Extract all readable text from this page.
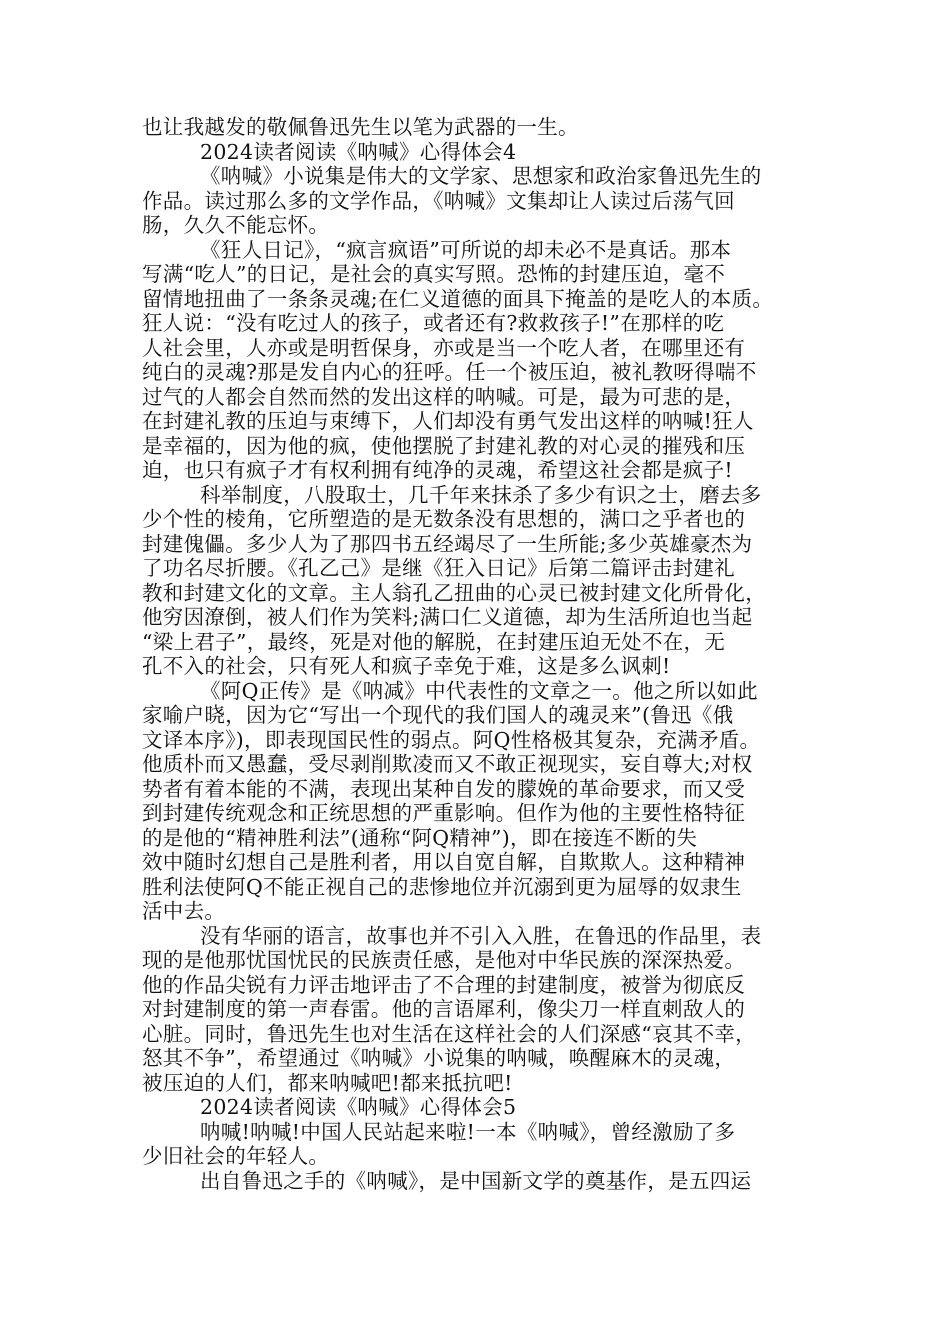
也让我越发的敬佩鲁迅先生以笔为武器的一生。
2024读者阅读《呐喊》心得体会4
《呐喊》小说集是伟大的文学家、思想家和政治家鲁迅先生的
作品。读过那么多的文学作品，《呐喊》文集却让人读过后荡气回
肠，久久不能忘怀。
《狂人日记》，“疯言疯语”可所说的却未必不是真话。那本
写满“吃人”的日记，是社会的真实写照。恐怖的封建压迫，毫不
留情地扭曲了一条条灵魂;在仁义道德的面具下掩盖的是吃人的本质。
狂人说：“没有吃过人的孩子，或者还有?救救孩子!”在那样的吃
人社会里，人亦或是明哲保身，亦或是当一个吃人者，在哪里还有
纯白的灵魂?那是发自内心的狂呼。任一个被压迫，被礼教呀得喘不
过气的人都会自然而然的发出这样的呐喊。可是，最为可悲的是，
在封建礼教的压迫与束缚下，人们却没有勇气发出这样的呐喊!狂人
是幸福的，因为他的疯，使他摆脱了封建礼教的对心灵的摧残和压
迫，也只有疯子才有权利拥有纯净的灵魂，希望这社会都是疯子!
科举制度，八股取士，几千年来抹杀了多少有识之士，磨去多
少个性的棱角，它所塑造的是无数条没有思想的，满口之乎者也的
封建傀儡。多少人为了那四书五经竭尽了一生所能;多少英雄豪杰为
了功名尽折腰。《孔乙己》是继《狂入日记》后第二篇评击封建礼
教和封建文化的文章。主人翁孔乙扭曲的心灵已被封建文化所骨化，
他穷因潦倒，被人们作为笑料;满口仁义道德，却为生活所迫也当起
“梁上君子”，最终，死是对他的解脱，在封建压迫无处不在，无
孔不入的社会，只有死人和疯子幸免于难，这是多么讽刺!
《阿Q正传》是《呐减》中代表性的文章之一。他之所以如此
家喻户晓，因为它“写出一个现代的我们国人的魂灵来”(鲁迅《俄
文译本序》)，即表现国民性的弱点。阿Q性格极其复杂，充满矛盾。
他质朴而又愚蠢，受尽剥削欺凌而又不敢正视现实，妄自尊大;对权
势者有着本能的不满，表现出某种自发的朦娩的革命要求，而又受
到封建传统观念和正统思想的严重影响。但作为他的主要性格特征
的是他的“精神胜利法”(通称“阿Q精神”)，即在接连不断的失
效中随时幻想自己是胜利者，用以自宽自解，自欺欺人。这种精神
胜利法使阿Q不能正视自己的悲惨地位并沉溺到更为屈辱的奴隶生
活中去。
没有华丽的语言，故事也并不引入入胜，在鲁迅的作品里，表
现的是他那忧国忧民的民族责任感，是他对中华民族的深深热爱。
他的作品尖锐有力评击地评击了不合理的封建制度，被誉为彻底反
对封建制度的第一声春雷。他的言语犀利，像尖刀一样直刺敌人的
心脏。同时，鲁迅先生也对生活在这样社会的人们深感“哀其不幸，
怒其不争”，希望通过《呐喊》小说集的呐喊，唤醒麻木的灵魂，
被压迫的人们，都来呐喊吧!都来抵抗吧!
2024读者阅读《呐喊》心得体会5
呐喊!呐喊!中国人民站起来啦!一本《呐喊》，曾经激励了多
少旧社会的年轻人。
出自鲁迅之手的《呐喊》，是中国新文学的奠基作，是五四运
